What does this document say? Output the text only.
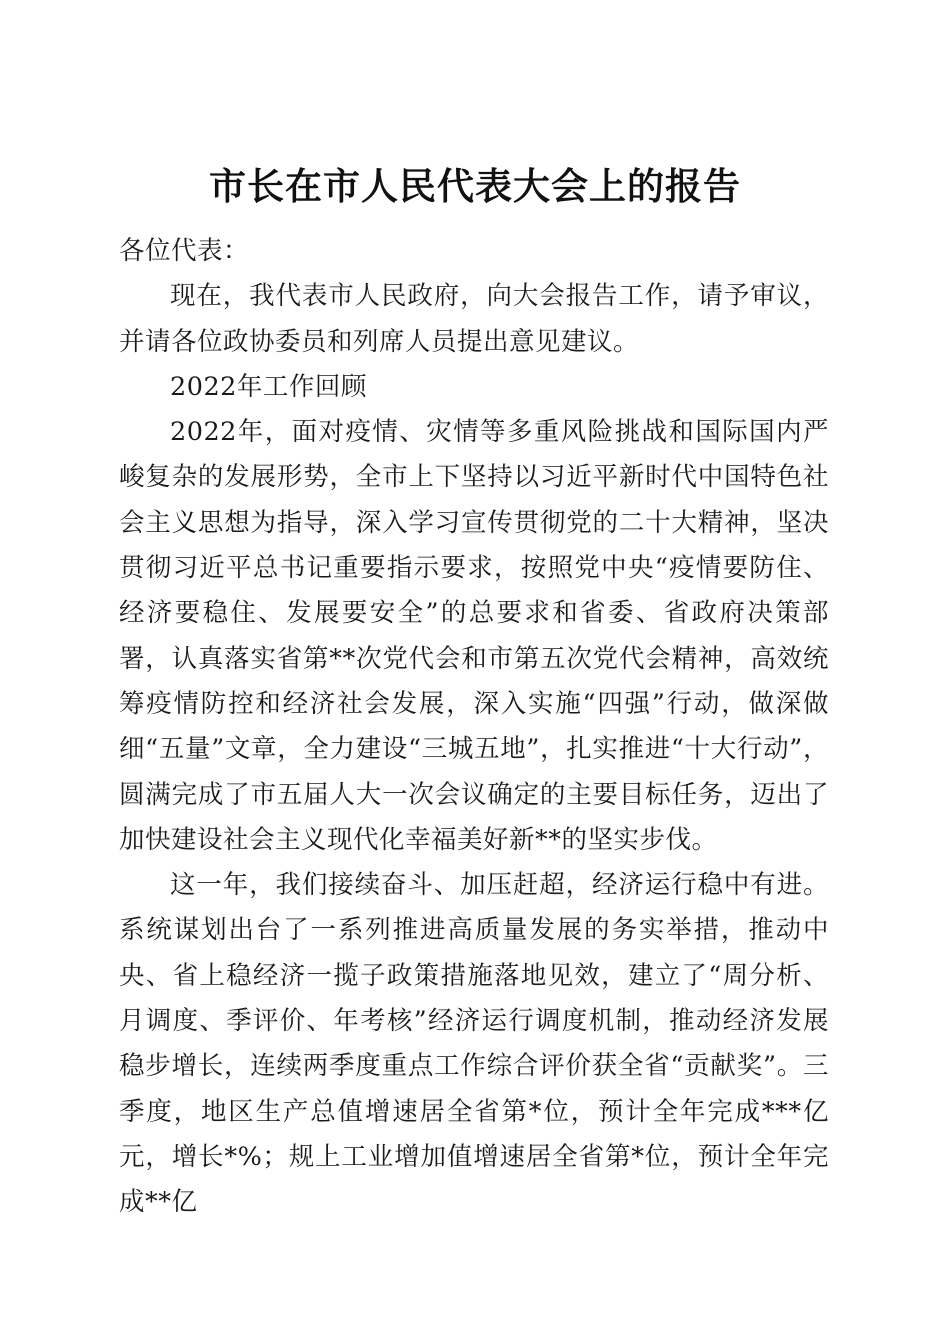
市长在市人民代表大会上的报告

各位代表：

现在，我代表市人民政府，向大会报告工作，请予审议，并请各位政协委员和列席人员提出意见建议。

2022年工作回顾

2022年，面对疫情、灾情等多重风险挑战和国际国内严峻复杂的发展形势，全市上下坚持以习近平新时代中国特色社会主义思想为指导，深入学习宣传贯彻党的二十大精神，坚决贯彻习近平总书记重要指示要求，按照党中央“疫情要防住、经济要稳住、发展要安全”的总要求和省委、省政府决策部署，认真落实省第**次党代会和市第五次党代会精神，高效统筹疫情防控和经济社会发展，深入实施“四强”行动，做深做细“五量”文章，全力建设“三城五地”，扎实推进“十大行动”，圆满完成了市五届人大一次会议确定的主要目标任务，迈出了加快建设社会主义现代化幸福美好新**的坚实步伐。

这一年，我们接续奋斗、加压赶超，经济运行稳中有进。系统谋划出台了一系列推进高质量发展的务实举措，推动中央、省上稳经济一揽子政策措施落地见效，建立了“周分析、月调度、季评价、年考核”经济运行调度机制，推动经济发展稳步增长，连续两季度重点工作综合评价获全省“贡献奖”。三季度，地区生产总值增速居全省第*位，预计全年完成***亿元，增长*%；规上工业增加值增速居全省第*位，预计全年完成**亿
